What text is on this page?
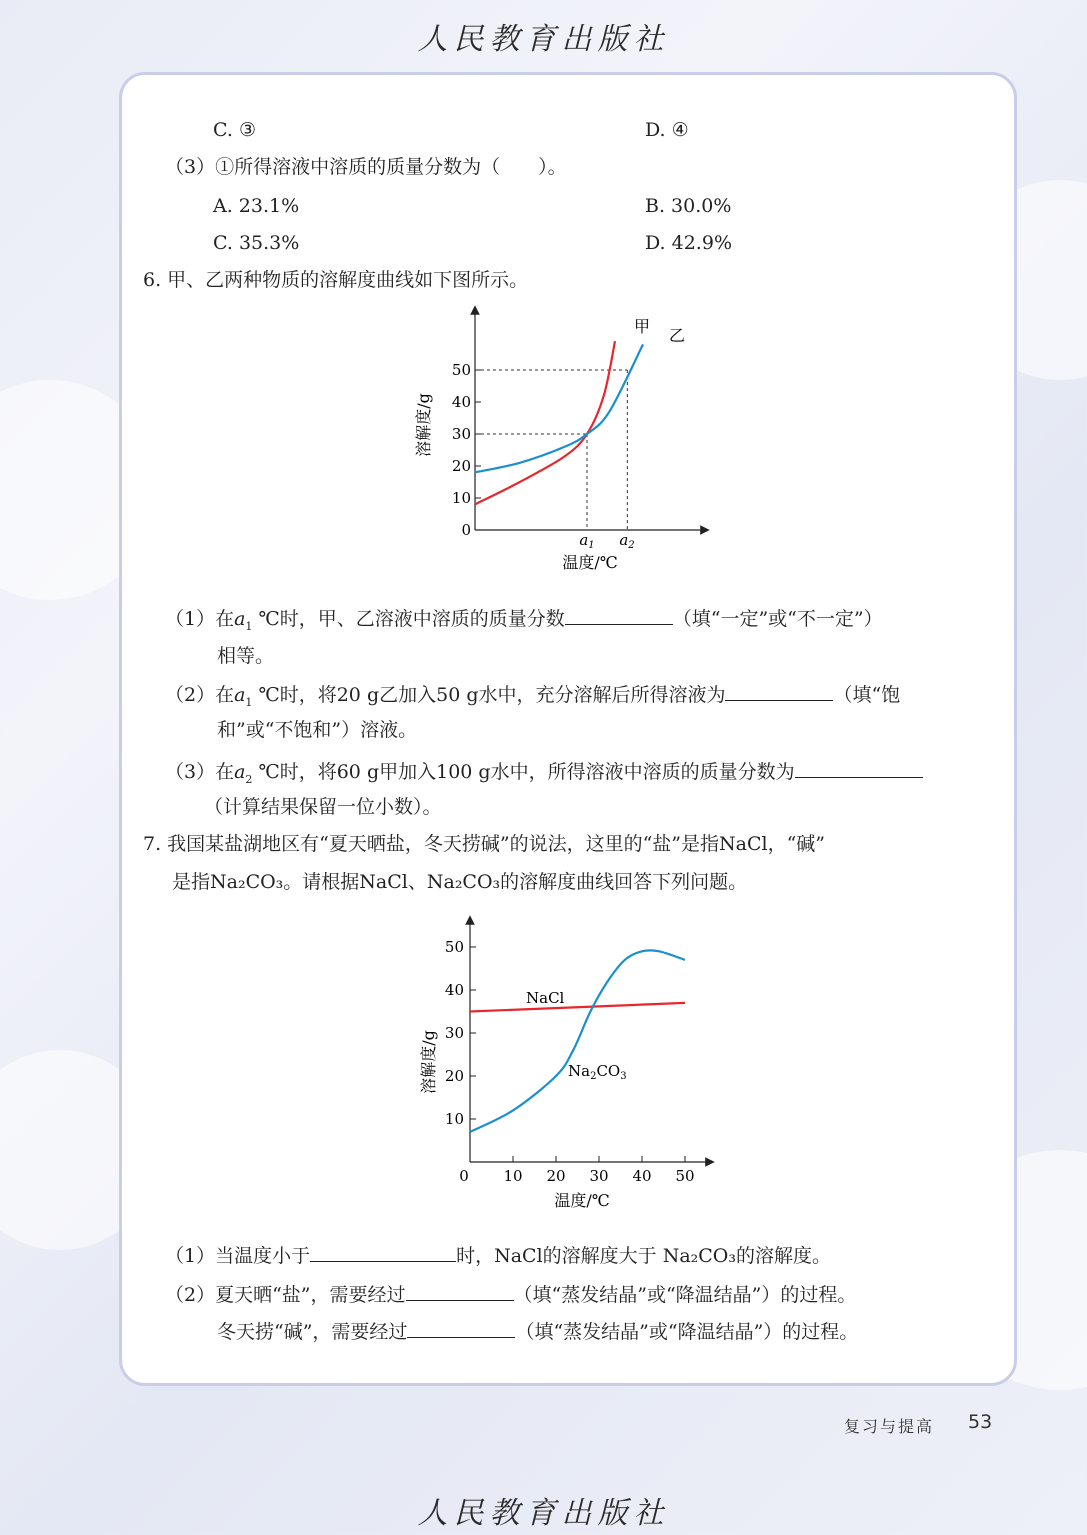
人民教育出版社
C. ③	D. ④
（3）①所得溶液中溶质的质量分数为（　　）。
A. 23.1%	B. 30.0%
C. 35.3%	D. 42.9%
6. 甲、乙两种物质的溶解度曲线如下图所示。
0
10
20
30
40
50
溶解度/g
温度/℃
$a_1$ $a_2$
甲 乙
（1）在$a_1$ ℃时，甲、乙溶液中溶质的质量分数	（填“一定”或“不一定”）
相等。
（2）在$a_1$ ℃时，将20 g乙加入50 g水中，充分溶解后所得溶液为	（填“饱
和”或“不饱和”）溶液。
（3）在$a_2$ ℃时，将60 g甲加入100 g水中，所得溶液中溶质的质量分数为
（计算结果保留一位小数）。
7. 我国某盐湖地区有“夏天晒盐，冬天捞碱”的说法，这里的“盐”是指NaCl，“碱”
是指Na₂CO₃。请根据NaCl、Na₂CO₃的溶解度曲线回答下列问题。
10
20
30
40
50
0 10 20 30 40 50
溶解度/g
温度/℃
NaCl
$Na_2CO_3$
（1）当温度小于	时，NaCl的溶解度大于 Na₂CO₃的溶解度。
（2）夏天晒“盐”，需要经过	（填“蒸发结晶”或“降温结晶”）的过程。
冬天捞“碱”，需要经过	（填“蒸发结晶”或“降温结晶”）的过程。
复习与提高 53
人民教育出版社
